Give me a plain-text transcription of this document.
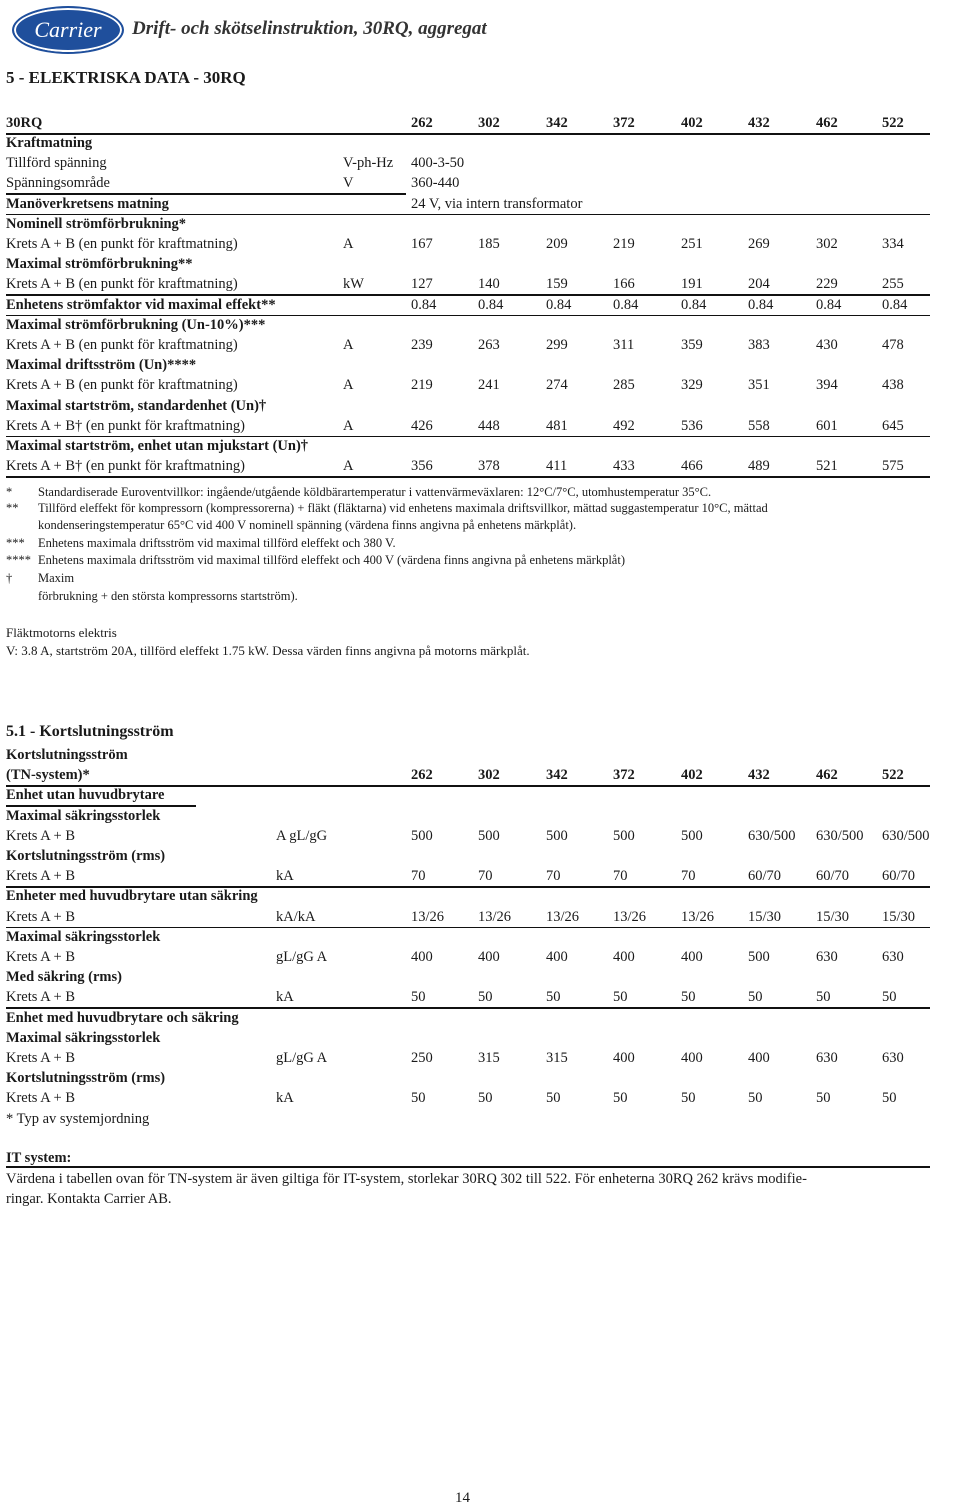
Carrier Drift- och skötselinstruktion, 30RQ, aggregat
5 - ELEKTRISKA DATA - 30RQ
30RQ	262	302	342	372	402	432	462	522
Kraftmatning
Tillförd spänning	V-ph-Hz 400-3-50
Spänningsområde	V	360-440
Manöverkretsens matning	24 V, via intern transformator
Nominell strömförbrukning*
Krets A + B (en punkt för kraftmatning)	A	167	185	209	219	251	269	302	334
Maximal strömförbrukning**
Krets A + B (en punkt för kraftmatning)	kW	127	140	159	166	191	204	229	255
Enhetens strömfaktor vid maximal effekt**	0.84	0.84	0.84	0.84	0.84	0.84	0.84	0.84
Maximal strömförbrukning (Un-10%)***
Krets A + B (en punkt för kraftmatning)	A	239	263	299	311	359	383	430	478
Maximal driftsström (Un)****
Krets A + B (en punkt för kraftmatning)	A	219	241	274	285	329	351	394	438
Maximal startström, standardenhet (Un)†
Krets A + B† (en punkt för kraftmatning)	A	426	448	481	492	536	558	601	645
Maximal startström, enhet utan mjukstart (Un)†
Krets A + B† (en punkt för kraftmatning)	A	356	378	411	433	466	489	521	575
* Standardiserade Euroventvillkor: ingående/utgående köldbärartemperatur i vattenvärmeväxlaren: 12°C/7°C, utomhustemperatur 35°C.
** Tillförd eleffekt för kompressorn (kompressorerna) + fläkt (fläktarna) vid enhetens maximala driftsvillkor, mättad suggastemperatur 10°C, mättad
kondenseringstemperatur 65°C vid 400 V nominell spänning (värdena finns angivna på enhetens märkplåt).
*** Enhetens maximala driftsström vid maximal tillförd eleffekt och 380 V.
**** Enhetens maximala driftsström vid maximal tillförd eleffekt och 400 V (värdena finns angivna på enhetens märkplåt)
† Maxim
förbrukning + den största kompressorns startström).
Fläktmotorns elektris
V: 3.8 A, startström 20A, tillförd eleffekt 1.75 kW. Dessa värden finns angivna på motorns märkplåt.
5.1 - Kortslutningsström
Kortslutningsström
(TN-system)*	262	302	342	372	402	432	462	522
Enhet utan huvudbrytare
Maximal säkringsstorlek
Krets A + B	A gL/gG	500	500	500	500	500	630/500 630/500 630/500
Kortslutningsström (rms)
Krets A + B	kA	70	70	70	70	70	60/70 60/70 60/70
Enheter med huvudbrytare utan säkring
Krets A + B	kA/kA	13/26 13/26 13/26 13/26 13/26 15/30 15/30 15/30
Maximal säkringsstorlek
Krets A + B	gL/gG A	400	400	400	400	400	500	630	630
Med säkring (rms)
Krets A + B	kA	50	50	50	50	50	50	50	50
Enhet med huvudbrytare och säkring
Maximal säkringsstorlek
Krets A + B	gL/gG A	250	315	315	400	400	400	630	630
Kortslutningsström (rms)
Krets A + B	kA	50	50	50	50	50	50	50	50
* Typ av systemjordning
IT system:
Värdena i tabellen ovan för TN-system är även giltiga för IT-system, storlekar 30RQ 302 till 522. För enheterna 30RQ 262 krävs modifie-
ringar. Kontakta Carrier AB.
14
